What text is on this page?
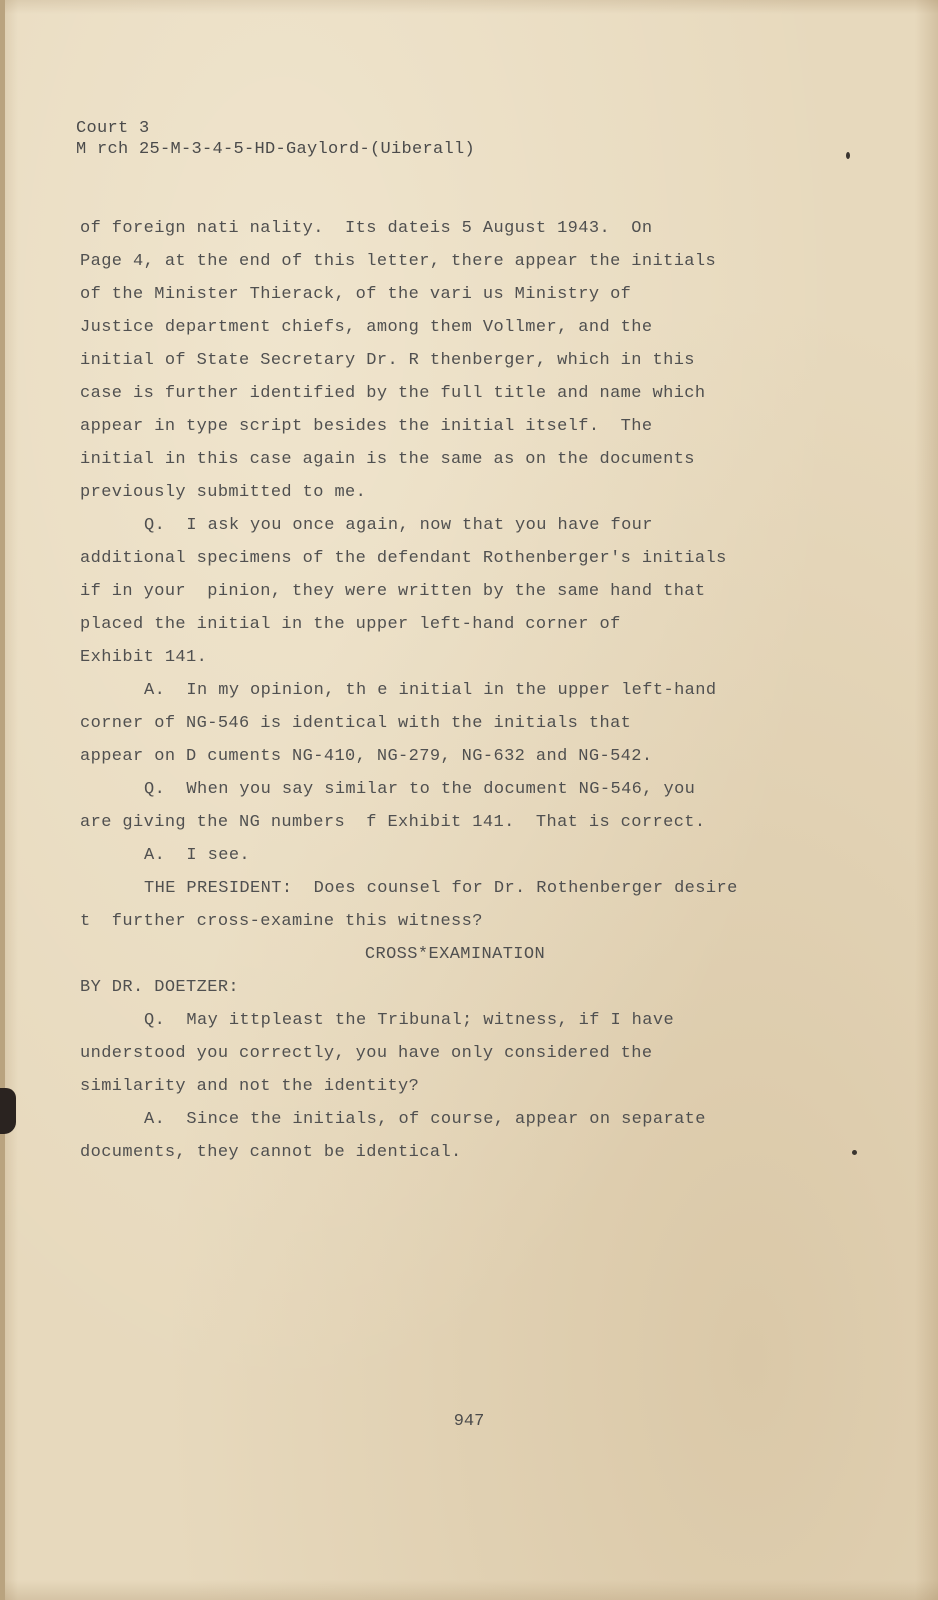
Court 3
M rch 25-M-3-4-5-HD-Gaylord-(Uiberall)
of foreign nati nality.  Its dateis 5 August 1943.  On
Page 4, at the end of this letter, there appear the initials
of the Minister Thierack, of the vari us Ministry of
Justice department chiefs, among them Vollmer, and the
initial of State Secretary Dr. R thenberger, which in this
case is further identified by the full title and name which
appear in type script besides the initial itself.  The
initial in this case again is the same as on the documents
previously submitted to me.
Q.  I ask you once again, now that you have four
additional specimens of the defendant Rothenberger's initials
if in your  pinion, they were written by the same hand that
placed the initial in the upper left-hand corner of
Exhibit 141.
A.  In my opinion, th e initial in the upper left-hand
corner of NG-546 is identical with the initials that
appear on D cuments NG-410, NG-279, NG-632 and NG-542.
Q.  When you say similar to the document NG-546, you
are giving the NG numbers  f Exhibit 141.  That is correct.
A.  I see.
THE PRESIDENT:  Does counsel for Dr. Rothenberger desire
t  further cross-examine this witness?
CROSS*EXAMINATION
BY DR. DOETZER:
Q.  May ittpleast the Tribunal; witness, if I have
understood you correctly, you have only considered the
similarity and not the identity?
A.  Since the initials, of course, appear on separate
documents, they cannot be identical.
947
